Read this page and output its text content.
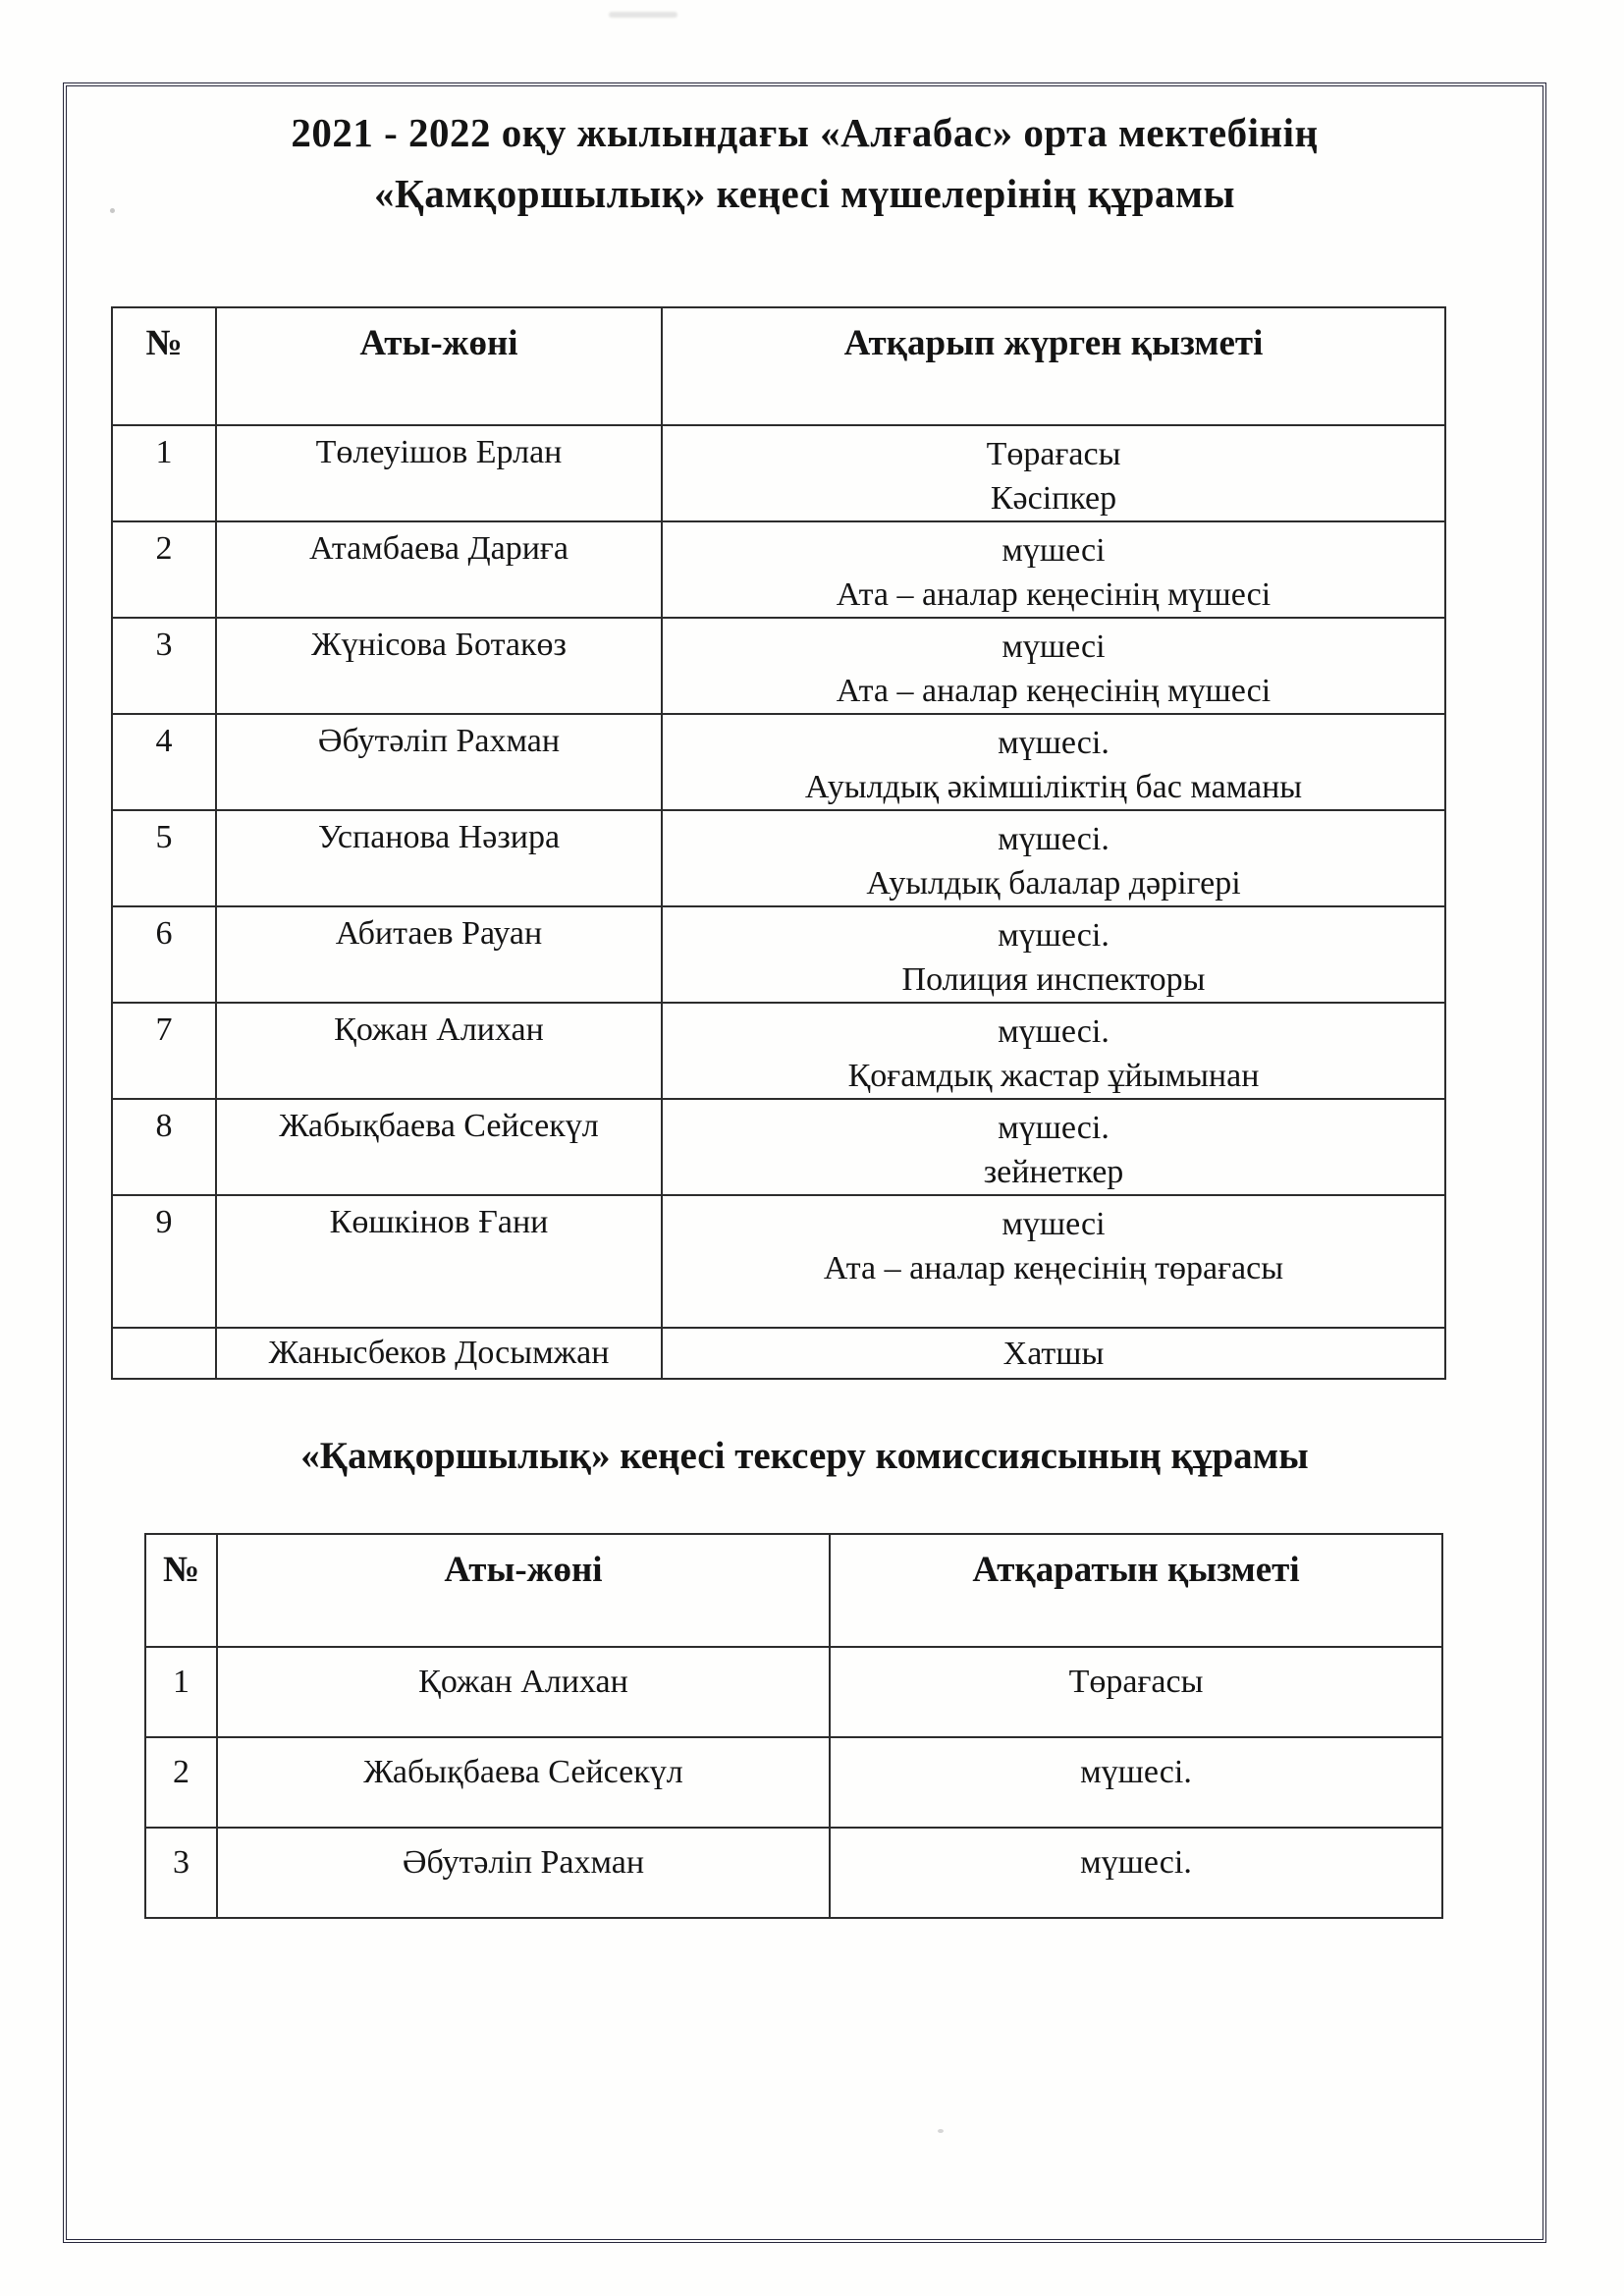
2021 - 2022 оқу жылындағы «Алғабас» орта мектебінің
«Қамқоршылық» кеңесі мүшелерінің құрамы
№	Аты-жөні	Атқарып жүрген қызметі
1	Төлеуішов Ерлан	Төрағасы
Кәсіпкер

2	Атамбаева Дариға	мүшесі
Ата – аналар кеңесінің мүшесі

3	Жүнісова Ботакөз	мүшесі
Ата – аналар кеңесінің мүшесі

4	Әбутәліп Рахман	мүшесі.
Ауылдық әкімшіліктің бас маманы

5	Успанова Нәзира	мүшесі.
Ауылдық балалар дәрігері

6	Абитаев Рауан	мүшесі.
Полиция инспекторы

7	Қожан Алихан	мүшесі.
Қоғамдық жастар ұйымынан

8	Жабықбаева Сейсекүл	мүшесі.
зейнеткер

9	Көшкінов Ғани	мүшесі
Ата – аналар кеңесінің төрағасы

	Жанысбеков Досымжан	Хатшы
«Қамқоршылық» кеңесі тексеру комиссиясының құрамы
№	Аты-жөні	Атқаратын қызметі
1	Қожан Алихан	Төрағасы
2	Жабықбаева Сейсекүл	мүшесі.
3	Әбутәліп Рахман	мүшесі.
